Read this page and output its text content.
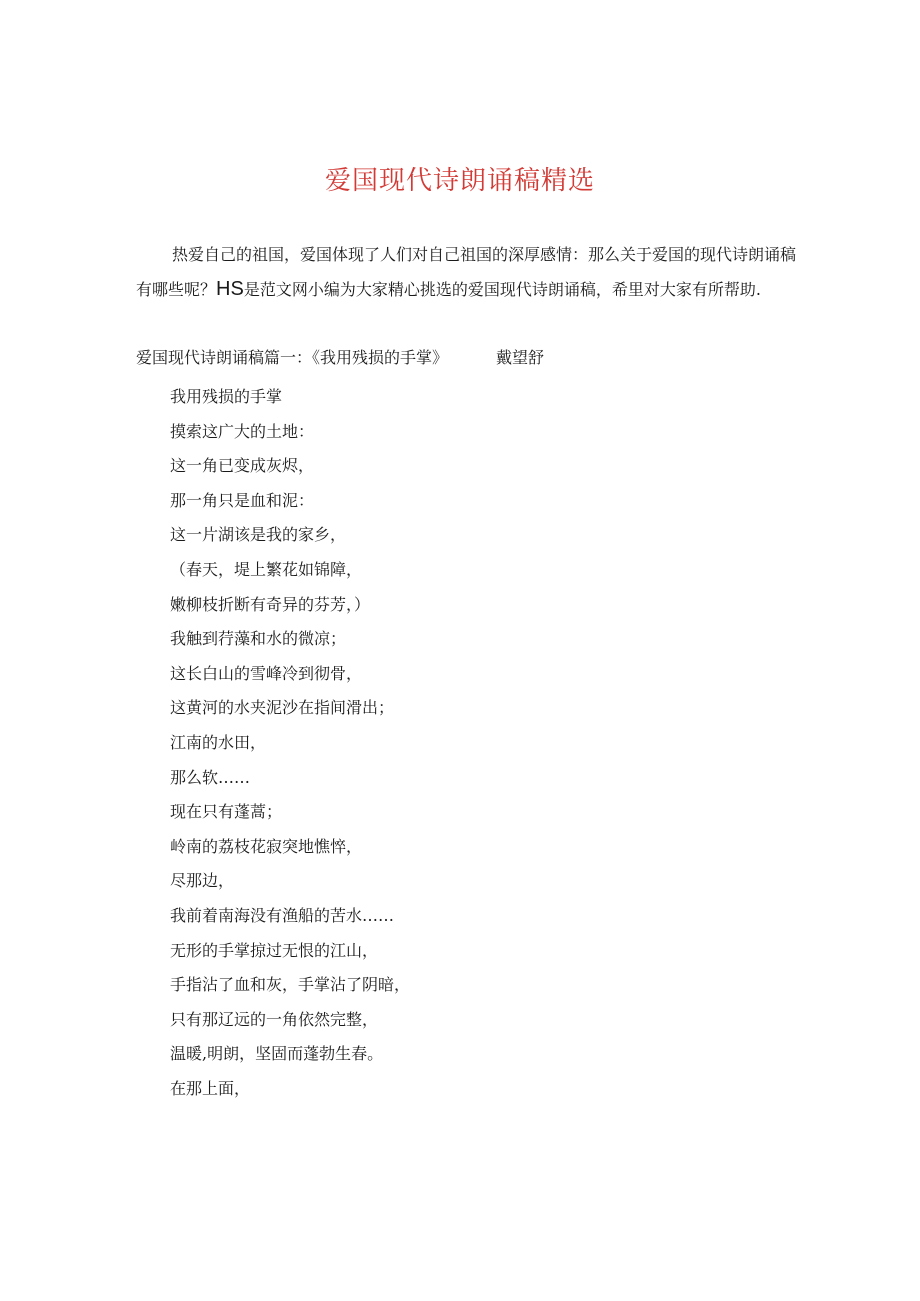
爱国现代诗朗诵稿精选

热爱自己的祖国，爱国体现了人们对自己祖国的深厚感情：那么关于爱国的现代诗朗诵稿有哪些呢？HS是范文网小编为大家精心挑选的爱国现代诗朗诵稿，希里对大家有所帮助.

爱国现代诗朗诵稿篇一：《我用残损的手掌》	戴望舒
我用残损的手掌
摸索这广大的土地：
这一角已变成灰烬，
那一角只是血和泥：
这一片湖该是我的家乡，
（春天，堤上繁花如锦障，
嫩柳枝折断有奇异的芬芳，）
我触到荇藻和水的微凉；
这长白山的雪峰冷到彻骨，
这黄河的水夹泥沙在指间滑出；
江南的水田，
那么软……
现在只有蓬蒿；
岭南的荔枝花寂突地憔悴，
尽那边，
我前着南海没有渔船的苦水……
无形的手掌掠过无恨的江山，
手指沾了血和灰，手掌沾了阴暗，
只有那辽远的一角依然完整，
温暖,明朗，坚固而蓬勃生春。
在那上面，
